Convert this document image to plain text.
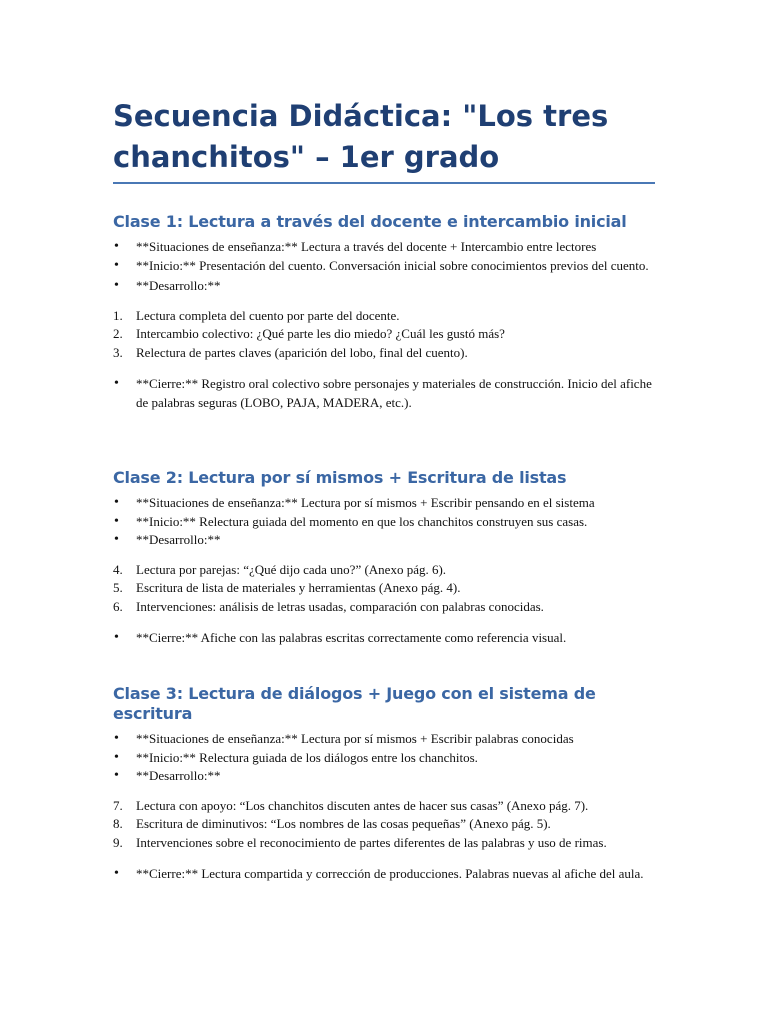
Secuencia Didáctica: "Los tres chanchitos" – 1er grado
Clase 1: Lectura a través del docente e intercambio inicial
• **Situaciones de enseñanza:** Lectura a través del docente + Intercambio entre lectores
• **Inicio:** Presentación del cuento. Conversación inicial sobre conocimientos previos del cuento.
• **Desarrollo:**
1. Lectura completa del cuento por parte del docente.
2. Intercambio colectivo: ¿Qué parte les dio miedo? ¿Cuál les gustó más?
3. Relectura de partes claves (aparición del lobo, final del cuento).
• **Cierre:** Registro oral colectivo sobre personajes y materiales de construcción. Inicio del afiche de palabras seguras (LOBO, PAJA, MADERA, etc.).
Clase 2: Lectura por sí mismos + Escritura de listas
• **Situaciones de enseñanza:** Lectura por sí mismos + Escribir pensando en el sistema
• **Inicio:** Relectura guiada del momento en que los chanchitos construyen sus casas.
• **Desarrollo:**
4. Lectura por parejas: “¿Qué dijo cada uno?” (Anexo pág. 6).
5. Escritura de lista de materiales y herramientas (Anexo pág. 4).
6. Intervenciones: análisis de letras usadas, comparación con palabras conocidas.
• **Cierre:** Afiche con las palabras escritas correctamente como referencia visual.
Clase 3: Lectura de diálogos + Juego con el sistema de escritura
• **Situaciones de enseñanza:** Lectura por sí mismos + Escribir palabras conocidas
• **Inicio:** Relectura guiada de los diálogos entre los chanchitos.
• **Desarrollo:**
7. Lectura con apoyo: “Los chanchitos discuten antes de hacer sus casas” (Anexo pág. 7).
8. Escritura de diminutivos: “Los nombres de las cosas pequeñas” (Anexo pág. 5).
9. Intervenciones sobre el reconocimiento de partes diferentes de las palabras y uso de rimas.
• **Cierre:** Lectura compartida y corrección de producciones. Palabras nuevas al afiche del aula.
